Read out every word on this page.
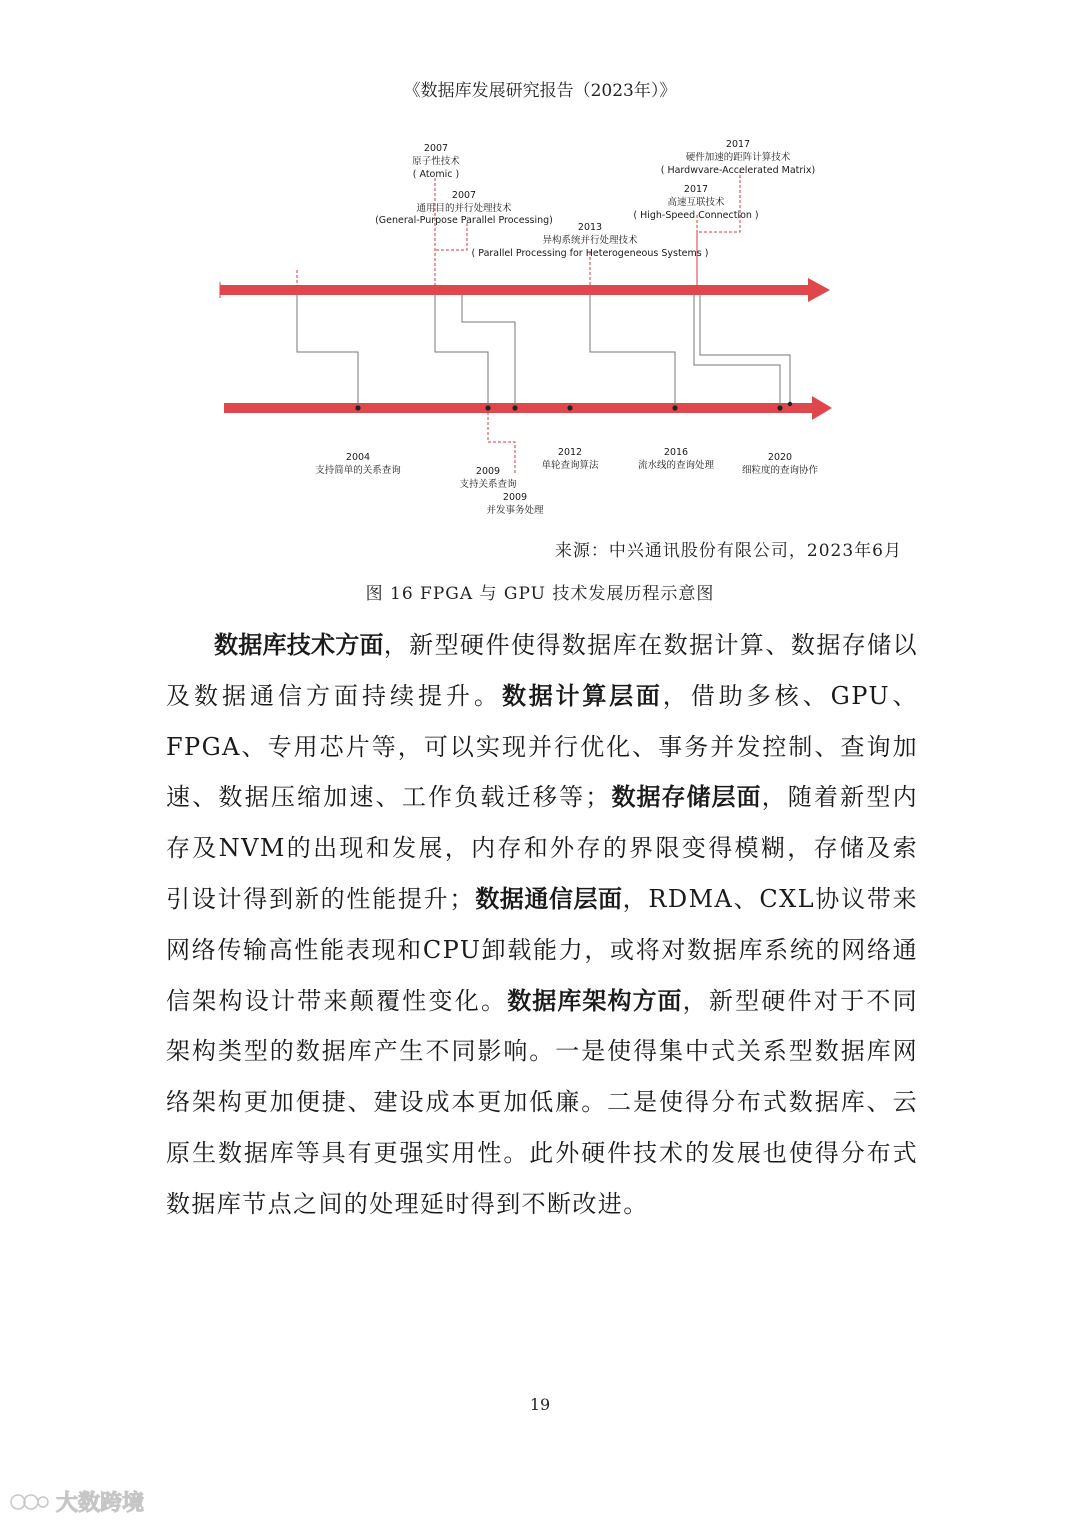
《数据库发展研究报告（2023年）》
2007
原子性技术
( Atomic )
2007
通用目的并行处理技术
(General-Purpose Parallel Processing)
2013
异构系统并行处理技术
( Parallel Processing for Heterogeneous Systems )
2017
硬件加速的距阵计算技术
( Hardwvare-Accelerated Matrix)
2017
高速互联技术
( High-Speed Connection )
2004
支持简单的关系查询	2009
支持关系查询
2009
并发事务处理
2012
单轮查询算法
2016
流水线的查询处理
2020
细粒度的查询协作
来源：中兴通讯股份有限公司，2023年6月
图 16 FPGA 与 GPU 技术发展历程示意图

数据库技术方面，新型硬件使得数据库在数据计算、数据存储以及数据通信方面持续提升。数据计算层面，借助多核、GPU、FPGA、专用芯片等，可以实现并行优化、事务并发控制、查询加速、数据压缩加速、工作负载迁移等；数据存储层面，随着新型内存及NVM的出现和发展，内存和外存的界限变得模糊，存储及索引设计得到新的性能提升；数据通信层面，RDMA、CXL协议带来网络传输高性能表现和CPU卸载能力，或将对数据库系统的网络通信架构设计带来颠覆性变化。数据库架构方面，新型硬件对于不同架构类型的数据库产生不同影响。一是使得集中式关系型数据库网络架构更加便捷、建设成本更加低廉。二是使得分布式数据库、云原生数据库等具有更强实用性。此外硬件技术的发展也使得分布式数据库节点之间的处理延时得到不断改进。

19
大数跨境
